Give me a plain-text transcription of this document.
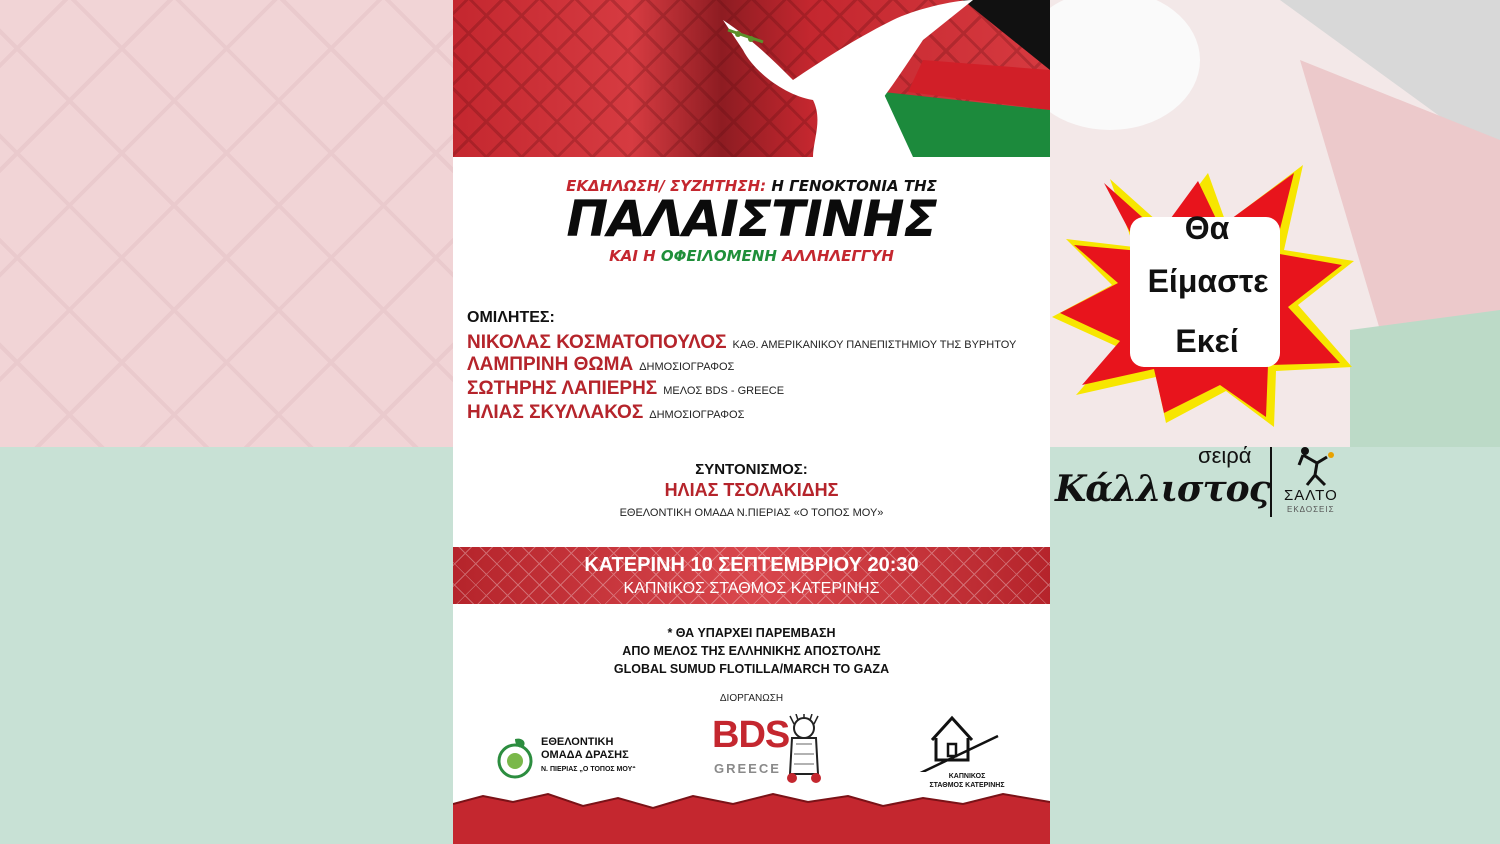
ΕΚΔΗΛΩΣΗ/ ΣΥΖΗΤΗΣΗ: Η ΓΕΝΟΚΤΟΝΙΑ ΤΗΣ
ΠΑΛΑΙΣΤΙΝΗΣ
ΚΑΙ Η ΟΦΕΙΛΟΜΕΝΗ ΑΛΛΗΛΕΓΓΥΗ
ΟΜΙΛΗΤΕΣ:
ΝΙΚΟΛΑΣ ΚΟΣΜΑΤΟΠΟΥΛΟΣ ΚΑΘ. ΑΜΕΡΙΚΑΝΙΚΟΥ ΠΑΝΕΠΙΣΤΗΜΙΟΥ ΤΗΣ ΒΥΡΗΤΟΥ
ΛΑΜΠΡΙΝΗ ΘΩΜΑ ΔΗΜΟΣΙΟΓΡΑΦΟΣ
ΣΩΤΗΡΗΣ ΛΑΠΙΕΡΗΣ ΜΕΛΟΣ BDS - GREECE
ΗΛΙΑΣ ΣΚΥΛΛΑΚΟΣ ΔΗΜΟΣΙΟΓΡΑΦΟΣ
ΣΥΝΤΟΝΙΣΜΟΣ:
ΗΛΙΑΣ ΤΣΟΛΑΚΙΔΗΣ
ΕΘΕΛΟΝΤΙΚΗ ΟΜΑΔΑ Ν.ΠΙΕΡΙΑΣ «Ο ΤΟΠΟΣ ΜΟΥ»
ΚΑΤΕΡΙΝΗ 10 ΣΕΠΤΕΜΒΡΙΟΥ 20:30
ΚΑΠΝΙΚΟΣ ΣΤΑΘΜΟΣ ΚΑΤΕΡΙΝΗΣ
* ΘΑ ΥΠΑΡΧΕΙ ΠΑΡΕΜΒΑΣΗ
ΑΠΟ ΜΕΛΟΣ ΤΗΣ ΕΛΛΗΝΙΚΗΣ ΑΠΟΣΤΟΛΗΣ
GLOBAL SUMUD FLOTILLA/MARCH TO GAZA
ΔΙΟΡΓΑΝΩΣΗ
ΕΘΕΛΟΝΤΙΚΗ
ΟΜΑΔΑ ΔΡΑΣΗΣ
Ν. ΠΙΕΡΙΑΣ „Ο ΤΟΠΟΣ ΜΟΥ“
BDS
GREECE
ΚΑΠΝΙΚΟΣ
ΣΤΑΘΜΟΣ ΚΑΤΕΡΙΝΗΣ
Θα
Είμαστε
Εκεί
σειρά
Κάλλιστος ΣΑΛΤΟ
ΕΚΔΟΣΕΙΣ
